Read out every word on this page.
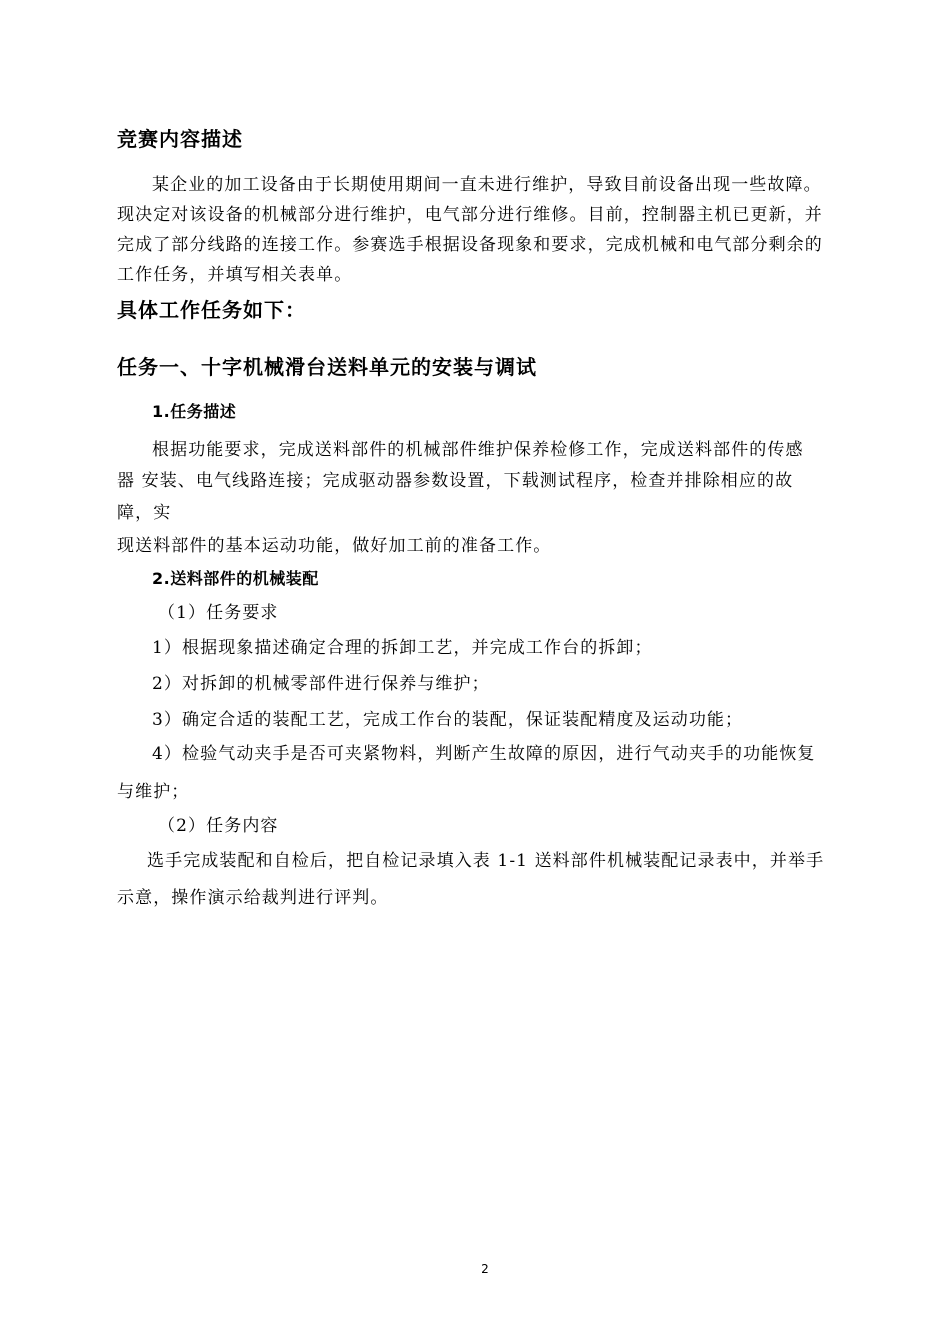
竞赛内容描述
某企业的加工设备由于长期使用期间一直未进行维护，导致目前设备出现一些故障。
现决定对该设备的机械部分进行维护，电气部分进行维修。目前，控制器主机已更新，并
完成了部分线路的连接工作。参赛选手根据设备现象和要求，完成机械和电气部分剩余的
工作任务，并填写相关表单。
具体工作任务如下：
任务一、十字机械滑台送料单元的安装与调试
1.任务描述
根据功能要求，完成送料部件的机械部件维护保养检修工作，完成送料部件的传感
器 安装、电气线路连接；完成驱动器参数设置，下载测试程序，检查并排除相应的故
障，实
现送料部件的基本运动功能，做好加工前的准备工作。
2.送料部件的机械装配
（1）任务要求
1）根据现象描述确定合理的拆卸工艺，并完成工作台的拆卸；
2）对拆卸的机械零部件进行保养与维护；
3）确定合适的装配工艺，完成工作台的装配，保证装配精度及运动功能；
4）检验气动夹手是否可夹紧物料，判断产生故障的原因，进行气动夹手的功能恢复
与维护；
（2）任务内容
选手完成装配和自检后，把自检记录填入表 1-1 送料部件机械装配记录表中，并举手
示意，操作演示给裁判进行评判。
2
